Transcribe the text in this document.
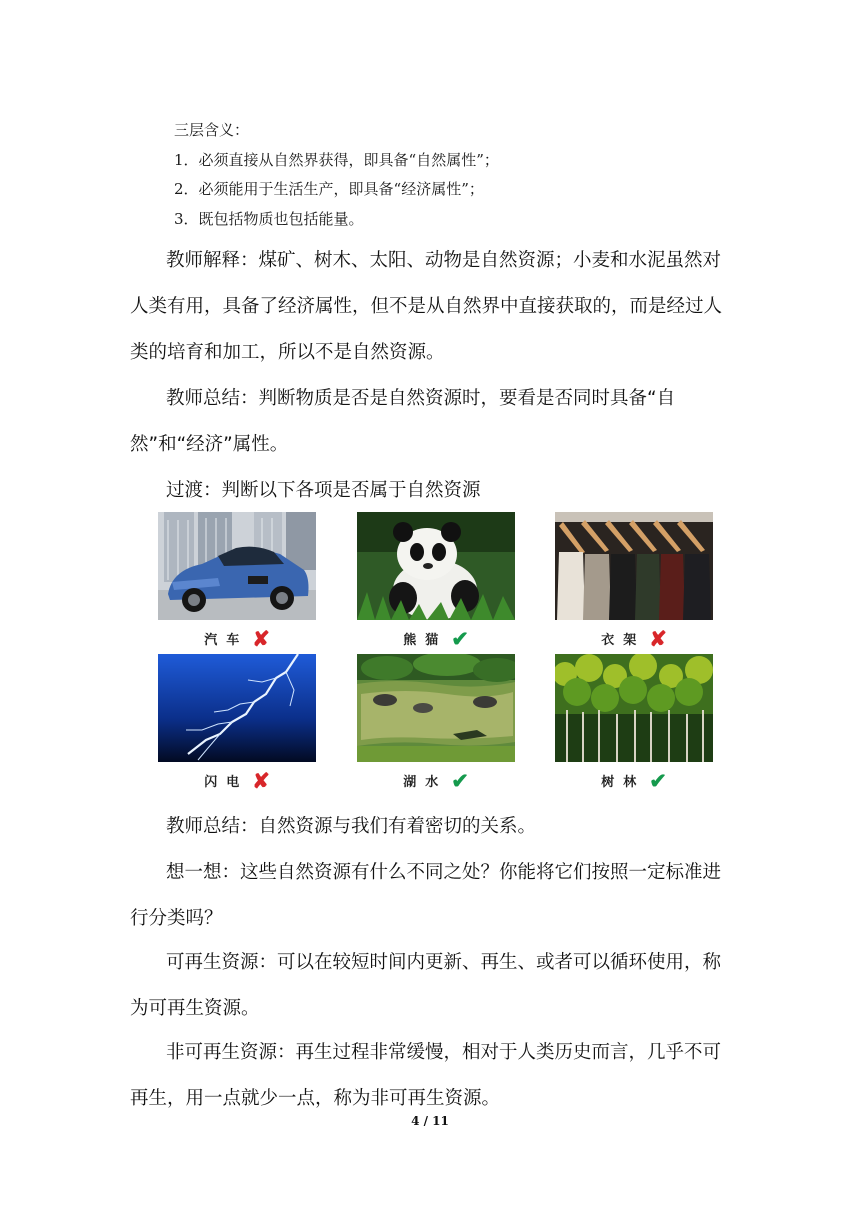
三层含义：
1．必须直接从自然界获得，即具备“自然属性”；
2．必须能用于生活生产，即具备“经济属性”；
3．既包括物质也包括能量。

教师解释：煤矿、树木、太阳、动物是自然资源；小麦和水泥虽然对人类有用，具备了经济属性，但不是从自然界中直接获取的，而是经过人类的培育和加工，所以不是自然资源。

教师总结：判断物质是否是自然资源时，要看是否同时具备“自然”和“经济”属性。

过渡：判断以下各项是否属于自然资源

汽车 ✘	熊猫 ✔	衣架 ✘
闪电 ✘	湖水 ✔	树林 ✔

教师总结：自然资源与我们有着密切的关系。

想一想：这些自然资源有什么不同之处？你能将它们按照一定标准进行分类吗？

可再生资源：可以在较短时间内更新、再生、或者可以循环使用，称为可再生资源。

非可再生资源：再生过程非常缓慢，相对于人类历史而言，几乎不可再生，用一点就少一点，称为非可再生资源。

4 / 11
